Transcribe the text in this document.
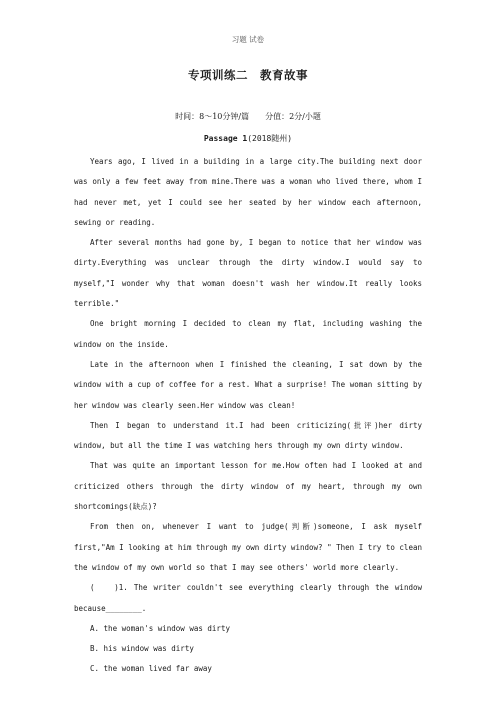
习题 试卷
专项训练二　教育故事
时间：8～10分钟/篇　　分值：2分/小题
Passage 1(2018随州)

Years ago, I lived in a building in a large city.The building next door was only a few feet away from mine.There was a woman who lived there, whom I had never met, yet I could see her seated by her window each afternoon, sewing or reading.

After several months had gone by, I began to notice that her window was dirty.Everything was unclear through the dirty window.I would say to myself,"I wonder why that woman doesn't wash her window.It really looks terrible."

One bright morning I decided to clean my flat, including washing the window on the inside.

Late in the afternoon when I finished the cleaning, I sat down by the window with a cup of coffee for a rest. What a surprise! The woman sitting by her window was clearly seen.Her window was clean!

Then I began to understand it.I had been criticizing(批评)her dirty window, but all the time I was watching hers through my own dirty window.

That was quite an important lesson for me.How often had I looked at and criticized others through the dirty window of my heart, through my own shortcomings(缺点)?

From then on, whenever I want to judge(判断)someone, I ask myself first,"Am I looking at him through my own dirty window? " Then I try to clean the window of my own world so that I may see others' world more clearly.

(　　)1. The writer couldn't see everything clearly through the window because________.

A. the woman's window was dirty

B. his window was dirty

C. the woman lived far away
